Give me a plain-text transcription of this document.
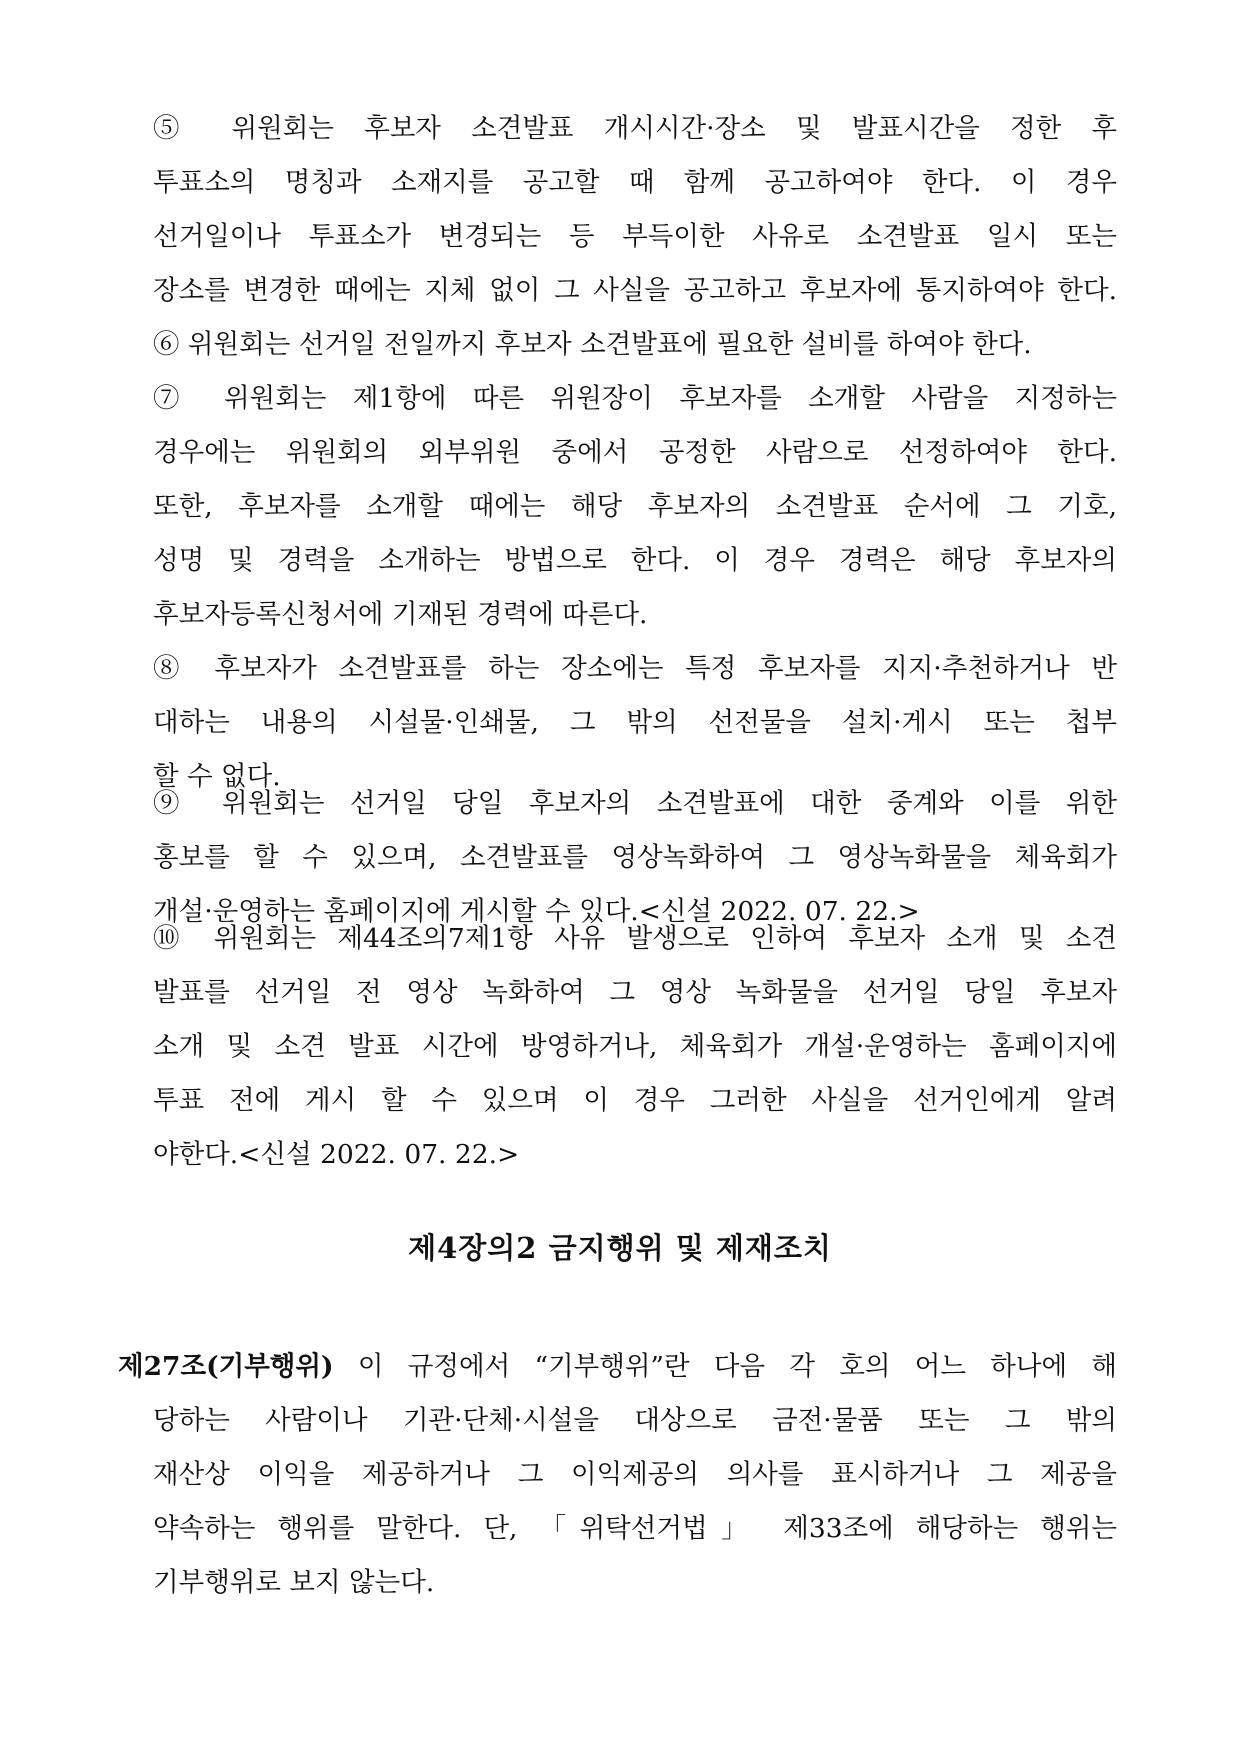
⑤ 위원회는 후보자 소견발표 개시시간·장소 및 발표시간을 정한 후
투표소의 명칭과 소재지를 공고할 때 함께 공고하여야 한다. 이 경우
선거일이나 투표소가 변경되는 등 부득이한 사유로 소견발표 일시 또는
장소를 변경한 때에는 지체 없이 그 사실을 공고하고 후보자에 통지하여야 한다.
⑥ 위원회는 선거일 전일까지 후보자 소견발표에 필요한 설비를 하여야 한다.
⑦ 위원회는 제1항에 따른 위원장이 후보자를 소개할 사람을 지정하는
경우에는 위원회의 외부위원 중에서 공정한 사람으로 선정하여야 한다.
또한, 후보자를 소개할 때에는 해당 후보자의 소견발표 순서에 그 기호,
성명 및 경력을 소개하는 방법으로 한다. 이 경우 경력은 해당 후보자의
후보자등록신청서에 기재된 경력에 따른다.
⑧ 후보자가 소견발표를 하는 장소에는 특정 후보자를 지지·추천하거나 반
대하는 내용의 시설물·인쇄물, 그 밖의 선전물을 설치·게시 또는 첩부
할 수 없다.
⑨ 위원회는 선거일 당일 후보자의 소견발표에 대한 중계와 이를 위한
홍보를 할 수 있으며, 소견발표를 영상녹화하여 그 영상녹화물을 체육회가
개설·운영하는 홈페이지에 게시할 수 있다.<신설 2022. 07. 22.>
⑩ 위원회는 제44조의7제1항 사유 발생으로 인하여 후보자 소개 및 소견
발표를 선거일 전 영상 녹화하여 그 영상 녹화물을 선거일 당일 후보자
소개 및 소견 발표 시간에 방영하거나, 체육회가 개설·운영하는 홈페이지에
투표 전에 게시 할 수 있으며 이 경우 그러한 사실을 선거인에게 알려
야한다.<신설 2022. 07. 22.>
제4장의2 금지행위 및 제재조치
제27조(기부행위) 이 규정에서 “기부행위”란 다음 각 호의 어느 하나에 해
당하는 사람이나 기관·단체·시설을 대상으로 금전·물품 또는 그 밖의
재산상 이익을 제공하거나 그 이익제공의 의사를 표시하거나 그 제공을
약속하는 행위를 말한다. 단, 「위탁선거법」 제33조에 해당하는 행위는
기부행위로 보지 않는다.
